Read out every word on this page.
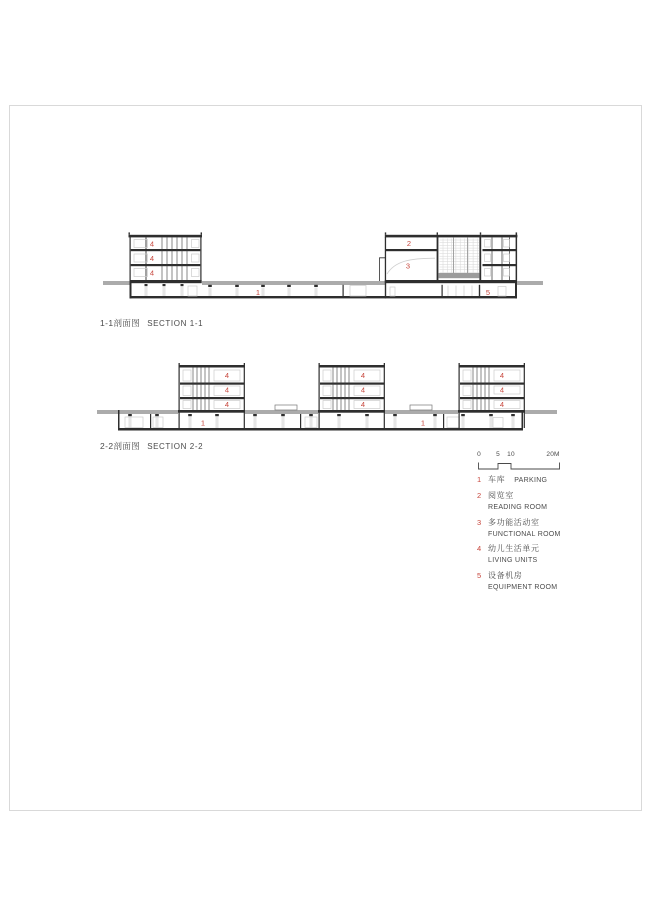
4
4
4
2
3
1	5
1-1剖面图 SECTION 1-1
4
4
4
4
4
4
4
4
4
1	1
2-2剖面图 SECTION 2-2
0 5 10	20M
1 车库 PARKING
2 阅览室
READING ROOM
3 多功能活动室
FUNCTIONAL ROOM
4 幼儿生活单元
LIVING UNITS
5 设备机房
EQUIPMENT ROOM
